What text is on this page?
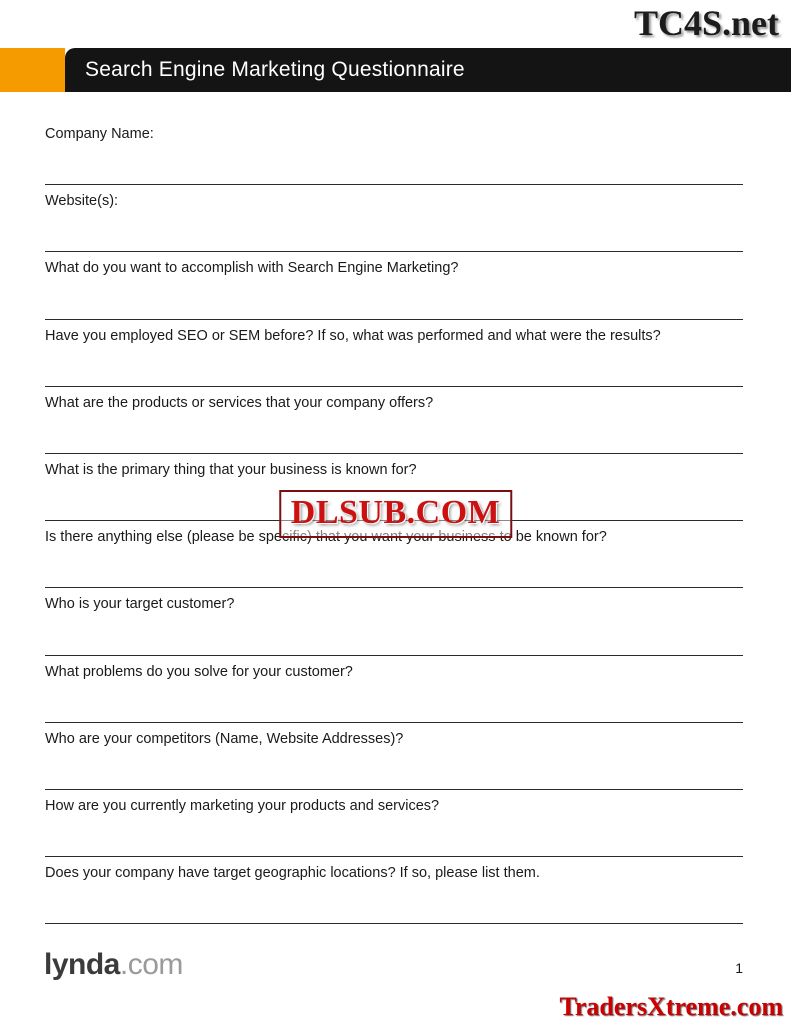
TC4S.net
Search Engine Marketing Questionnaire
Company Name:
Website(s):
What do you want to accomplish with Search Engine Marketing?
Have you employed SEO or SEM before? If so, what was performed and what were the results?
What are the products or services that your company offers?
What is the primary thing that your business is known for?
Is there anything else (please be specific) that you want your business to be known for?
Who is your target customer?
What problems do you solve for your customer?
Who are your competitors (Name, Website Addresses)?
How are you currently marketing your products and services?
Does your company have target geographic locations? If so, please list them.
DLSUB.COM
lynda.com	1
TradersXtreme.com
